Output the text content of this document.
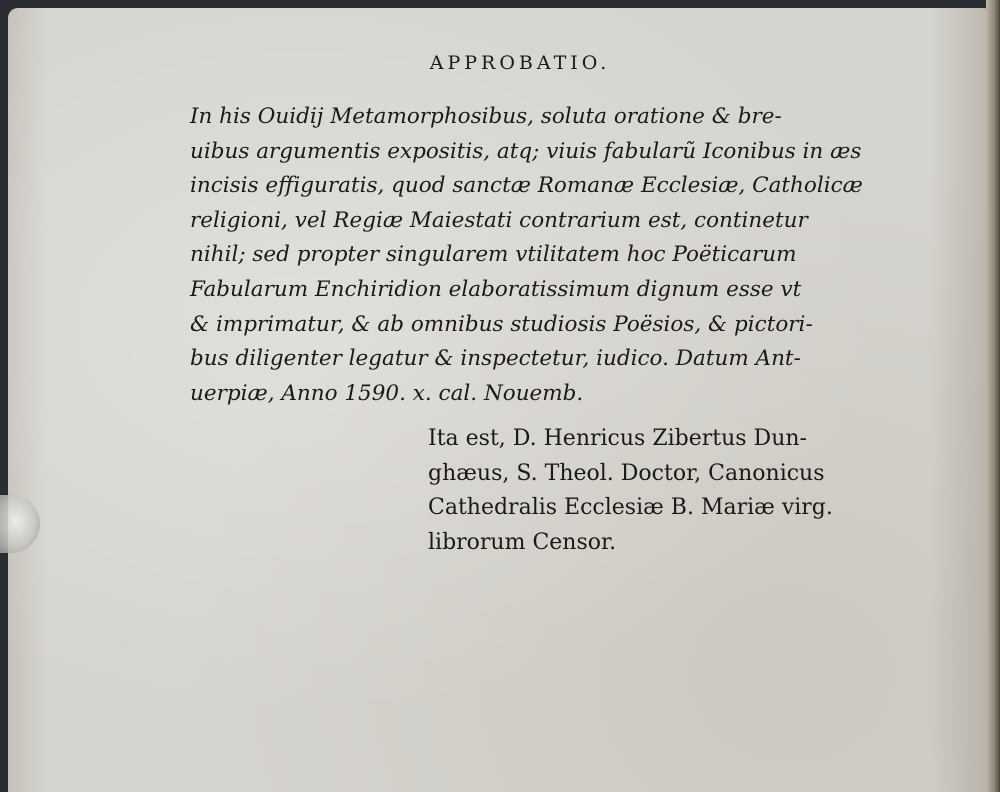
APPROBATIO.
In his Ouidij Metamorphosibus, soluta oratione & bre-
uibus argumentis expositis, atq; viuis fabularũ Iconibus in æs
incisis effiguratis, quod sanctæ Romanæ Ecclesiæ, Catholicæ
religioni, vel Regiæ Maiestati contrarium est, continetur
nihil; sed propter singularem vtilitatem hoc Poëticarum
Fabularum Enchiridion elaboratissimum dignum esse vt
& imprimatur, & ab omnibus studiosis Poësios, & pictori-
bus diligenter legatur & inspectetur, iudico. Datum Ant-
uerpiæ, Anno 1590. x. cal. Nouemb.
Ita est, D. Henricus Zibertus Dun-
ghæus, S. Theol. Doctor, Canonicus
Cathedralis Ecclesiæ B. Mariæ virg.
librorum Censor.
